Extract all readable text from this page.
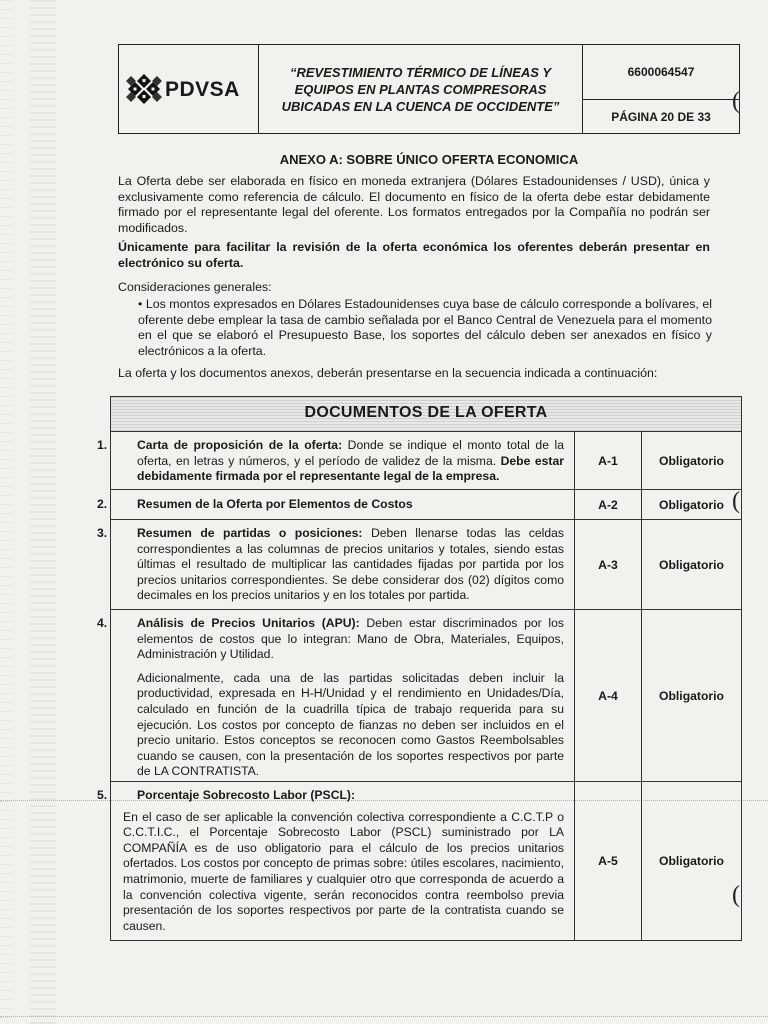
(
(
(
PDVSA
“REVESTIMIENTO TÉRMICO DE LÍNEAS Y EQUIPOS EN PLANTAS COMPRESORAS UBICADAS EN LA CUENCA DE OCCIDENTE”
6600064547
PÁGINA 20 DE 33
ANEXO A: SOBRE ÚNICO OFERTA ECONOMICA
La Oferta debe ser elaborada en físico en moneda extranjera (Dólares Estadounidenses / USD), única y exclusivamente como referencia de cálculo. El documento en físico de la oferta debe estar debidamente firmado por el representante legal del oferente. Los formatos entregados por la Compañía no podrán ser modificados.
Únicamente para facilitar la revisión de la oferta económica los oferentes deberán presentar en electrónico su oferta.
Consideraciones generales:
• Los montos expresados en Dólares Estadounidenses cuya base de cálculo corresponde a bolívares, el oferente debe emplear la tasa de cambio señalada por el Banco Central de Venezuela para el momento en el que se elaboró el Presupuesto Base, los soportes del cálculo deben ser anexados en físico y electrónicos a la oferta.
La oferta y los documentos anexos, deberán presentarse en la secuencia indicada a continuación:
DOCUMENTOS DE LA OFERTA
1. Carta de proposición de la oferta: Donde se indique el monto total de la oferta, en letras y números, y el período de validez de la misma. Debe estar debidamente firmada por el representante legal de la empresa.
A-1	Obligatorio
2. Resumen de la Oferta por Elementos de Costos	A-2	Obligatorio
3. Resumen de partidas o posiciones: Deben llenarse todas las celdas correspondientes a las columnas de precios unitarios y totales, siendo estas últimas el resultado de multiplicar las cantidades fijadas por partida por los precios unitarios correspondientes. Se debe considerar dos (02) dígitos como decimales en los precios unitarios y en los totales por partida.
A-3	Obligatorio
4. Análisis de Precios Unitarios (APU): Deben estar discriminados por los elementos de costos que lo integran: Mano de Obra, Materiales, Equipos, Administración y Utilidad.
Adicionalmente, cada una de las partidas solicitadas deben incluir la productividad, expresada en H-H/Unidad y el rendimiento en Unidades/Día, calculado en función de la cuadrilla típica de trabajo requerida para su ejecución. Los costos por concepto de fianzas no deben ser incluidos en el precio unitario. Estos conceptos se reconocen como Gastos Reembolsables cuando se causen, con la presentación de los soportes respectivos por parte de LA CONTRATISTA.
A-4	Obligatorio
5. Porcentaje Sobrecosto Labor (PSCL):
En el caso de ser aplicable la convención colectiva correspondiente a C.C.T.P o C.C.T.I.C., el Porcentaje Sobrecosto Labor (PSCL) suministrado por LA COMPAÑÍA es de uso obligatorio para el cálculo de los precios unitarios ofertados. Los costos por concepto de primas sobre: útiles escolares, nacimiento, matrimonio, muerte de familiares y cualquier otro que corresponda de acuerdo a la convención colectiva vigente, serán reconocidos contra reembolso previa presentación de los soportes respectivos por parte de la contratista cuando se causen.
A-5	Obligatorio
